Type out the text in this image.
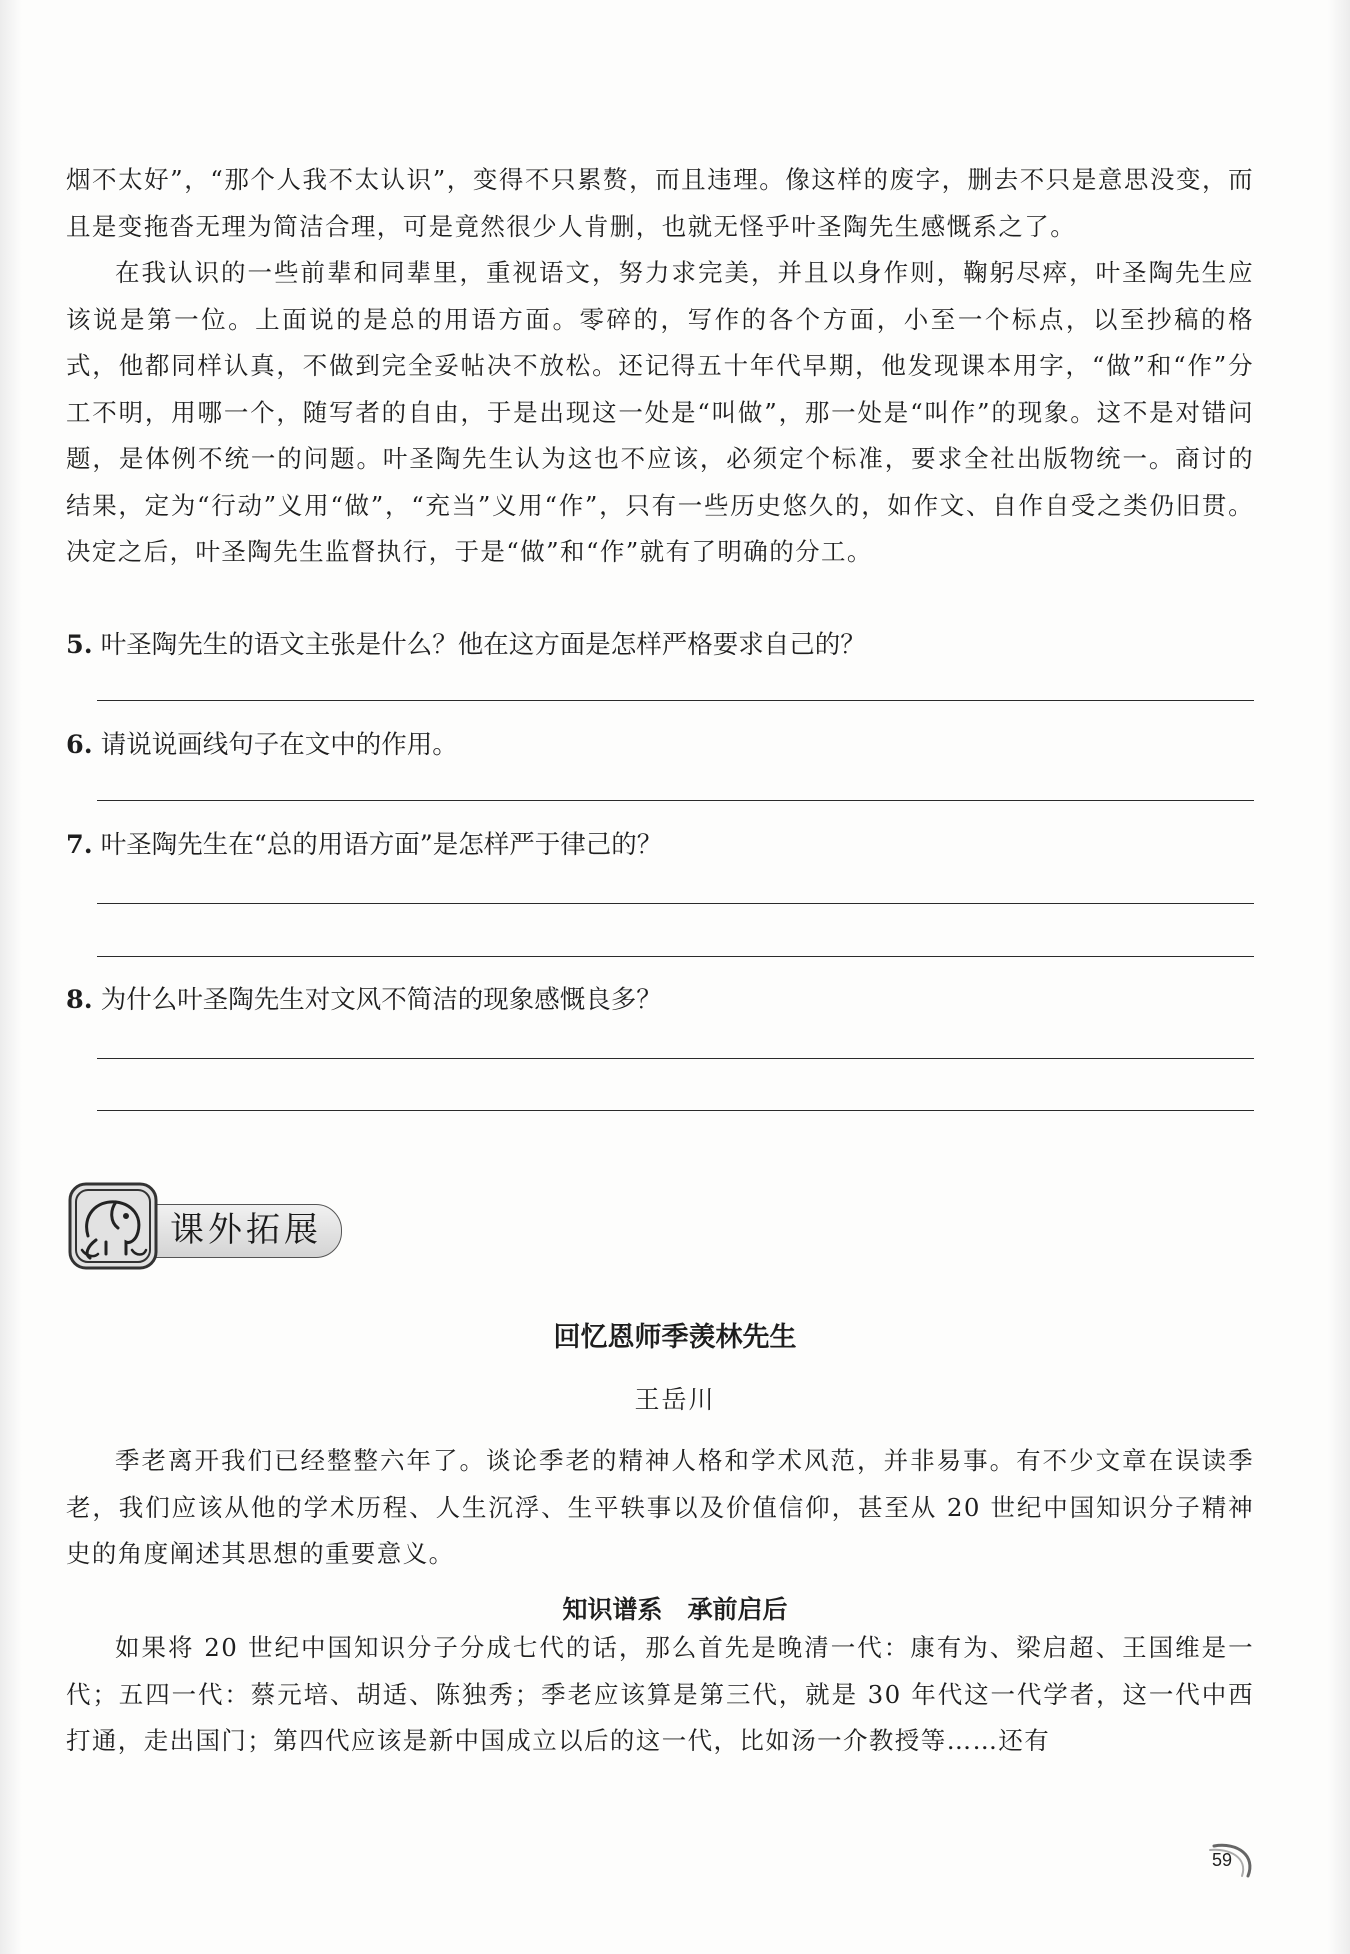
烟不太好”，“那个人我不太认识”，变得不只累赘，而且违理。像这样的废字，删去不只是意思没变，而且是变拖沓无理为简洁合理，可是竟然很少人肯删，也就无怪乎叶圣陶先生感慨系之了。

在我认识的一些前辈和同辈里，重视语文，努力求完美，并且以身作则，鞠躬尽瘁，叶圣陶先生应该说是第一位。上面说的是总的用语方面。零碎的，写作的各个方面，小至一个标点，以至抄稿的格式，他都同样认真，不做到完全妥帖决不放松。还记得五十年代早期，他发现课本用字，“做”和“作”分工不明，用哪一个，随写者的自由，于是出现这一处是“叫做”，那一处是“叫作”的现象。这不是对错问题，是体例不统一的问题。叶圣陶先生认为这也不应该，必须定个标准，要求全社出版物统一。商讨的结果，定为“行动”义用“做”，“充当”义用“作”，只有一些历史悠久的，如作文、自作自受之类仍旧贯。决定之后，叶圣陶先生监督执行，于是“做”和“作”就有了明确的分工。

5. 叶圣陶先生的语文主张是什么？他在这方面是怎样严格要求自己的？

6. 请说说画线句子在文中的作用。

7. 叶圣陶先生在“总的用语方面”是怎样严于律己的？

8. 为什么叶圣陶先生对文风不简洁的现象感慨良多？

课外拓展

回忆恩师季羡林先生

王岳川

季老离开我们已经整整六年了。谈论季老的精神人格和学术风范，并非易事。有不少文章在误读季老，我们应该从他的学术历程、人生沉浮、生平轶事以及价值信仰，甚至从 20 世纪中国知识分子精神史的角度阐述其思想的重要意义。

知识谱系　承前启后

如果将 20 世纪中国知识分子分成七代的话，那么首先是晚清一代：康有为、梁启超、王国维是一代；五四一代：蔡元培、胡适、陈独秀；季老应该算是第三代，就是 30 年代这一代学者，这一代中西打通，走出国门；第四代应该是新中国成立以后的这一代，比如汤一介教授等……还有

59
